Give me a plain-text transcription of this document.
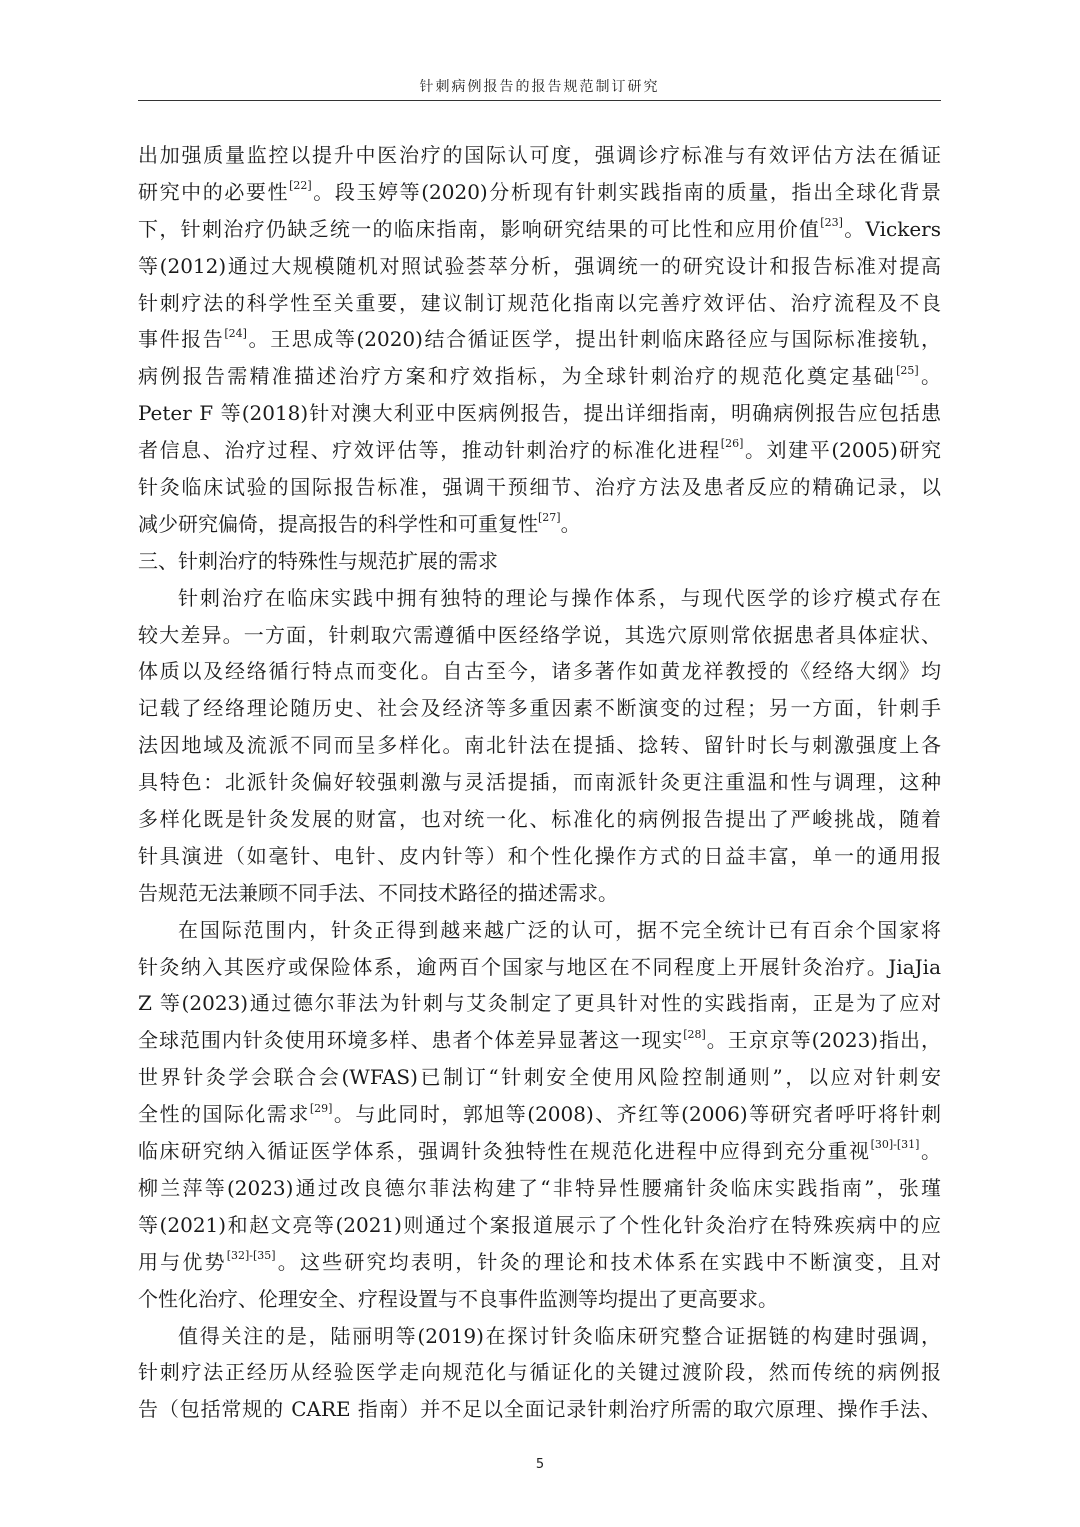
针刺病例报告的报告规范制订研究
出加强质量监控以提升中医治疗的国际认可度，强调诊疗标准与有效评估方法在循证
研究中的必要性[22]。段玉婷等(2020)分析现有针刺实践指南的质量，指出全球化背景
下，针刺治疗仍缺乏统一的临床指南，影响研究结果的可比性和应用价值[23]。Vickers
等(2012)通过大规模随机对照试验荟萃分析，强调统一的研究设计和报告标准对提高
针刺疗法的科学性至关重要，建议制订规范化指南以完善疗效评估、治疗流程及不良
事件报告[24]。王思成等(2020)结合循证医学，提出针刺临床路径应与国际标准接轨，
病例报告需精准描述治疗方案和疗效指标，为全球针刺治疗的规范化奠定基础[25]。
Peter F 等(2018)针对澳大利亚中医病例报告，提出详细指南，明确病例报告应包括患
者信息、治疗过程、疗效评估等，推动针刺治疗的标准化进程[26]。刘建平(2005)研究
针灸临床试验的国际报告标准，强调干预细节、治疗方法及患者反应的精确记录，以
减少研究偏倚，提高报告的科学性和可重复性[27]。
三、针刺治疗的特殊性与规范扩展的需求
针刺治疗在临床实践中拥有独特的理论与操作体系，与现代医学的诊疗模式存在
较大差异。一方面，针刺取穴需遵循中医经络学说，其选穴原则常依据患者具体症状、
体质以及经络循行特点而变化。自古至今，诸多著作如黄龙祥教授的《经络大纲》均
记载了经络理论随历史、社会及经济等多重因素不断演变的过程；另一方面，针刺手
法因地域及流派不同而呈多样化。南北针法在提插、捻转、留针时长与刺激强度上各
具特色：北派针灸偏好较强刺激与灵活提插，而南派针灸更注重温和性与调理，这种
多样化既是针灸发展的财富，也对统一化、标准化的病例报告提出了严峻挑战，随着
针具演进（如毫针、电针、皮内针等）和个性化操作方式的日益丰富，单一的通用报
告规范无法兼顾不同手法、不同技术路径的描述需求。
在国际范围内，针灸正得到越来越广泛的认可，据不完全统计已有百余个国家将
针灸纳入其医疗或保险体系，逾两百个国家与地区在不同程度上开展针灸治疗。JiaJia
Z 等(2023)通过德尔菲法为针刺与艾灸制定了更具针对性的实践指南，正是为了应对
全球范围内针灸使用环境多样、患者个体差异显著这一现实[28]。王京京等(2023)指出，
世界针灸学会联合会(WFAS)已制订“针刺安全使用风险控制通则”，以应对针刺安
全性的国际化需求[29]。与此同时，郭旭等(2008)、齐红等(2006)等研究者呼吁将针刺
临床研究纳入循证医学体系，强调针灸独特性在规范化进程中应得到充分重视[30]-[31]。
柳兰萍等(2023)通过改良德尔菲法构建了“非特异性腰痛针灸临床实践指南”，张瑾
等(2021)和赵文亮等(2021)则通过个案报道展示了个性化针灸治疗在特殊疾病中的应
用与优势[32]-[35]。这些研究均表明，针灸的理论和技术体系在实践中不断演变，且对
个性化治疗、伦理安全、疗程设置与不良事件监测等均提出了更高要求。
值得关注的是，陆丽明等(2019)在探讨针灸临床研究整合证据链的构建时强调，
针刺疗法正经历从经验医学走向规范化与循证化的关键过渡阶段，然而传统的病例报
告（包括常规的 CARE 指南）并不足以全面记录针刺治疗所需的取穴原理、操作手法、
5
